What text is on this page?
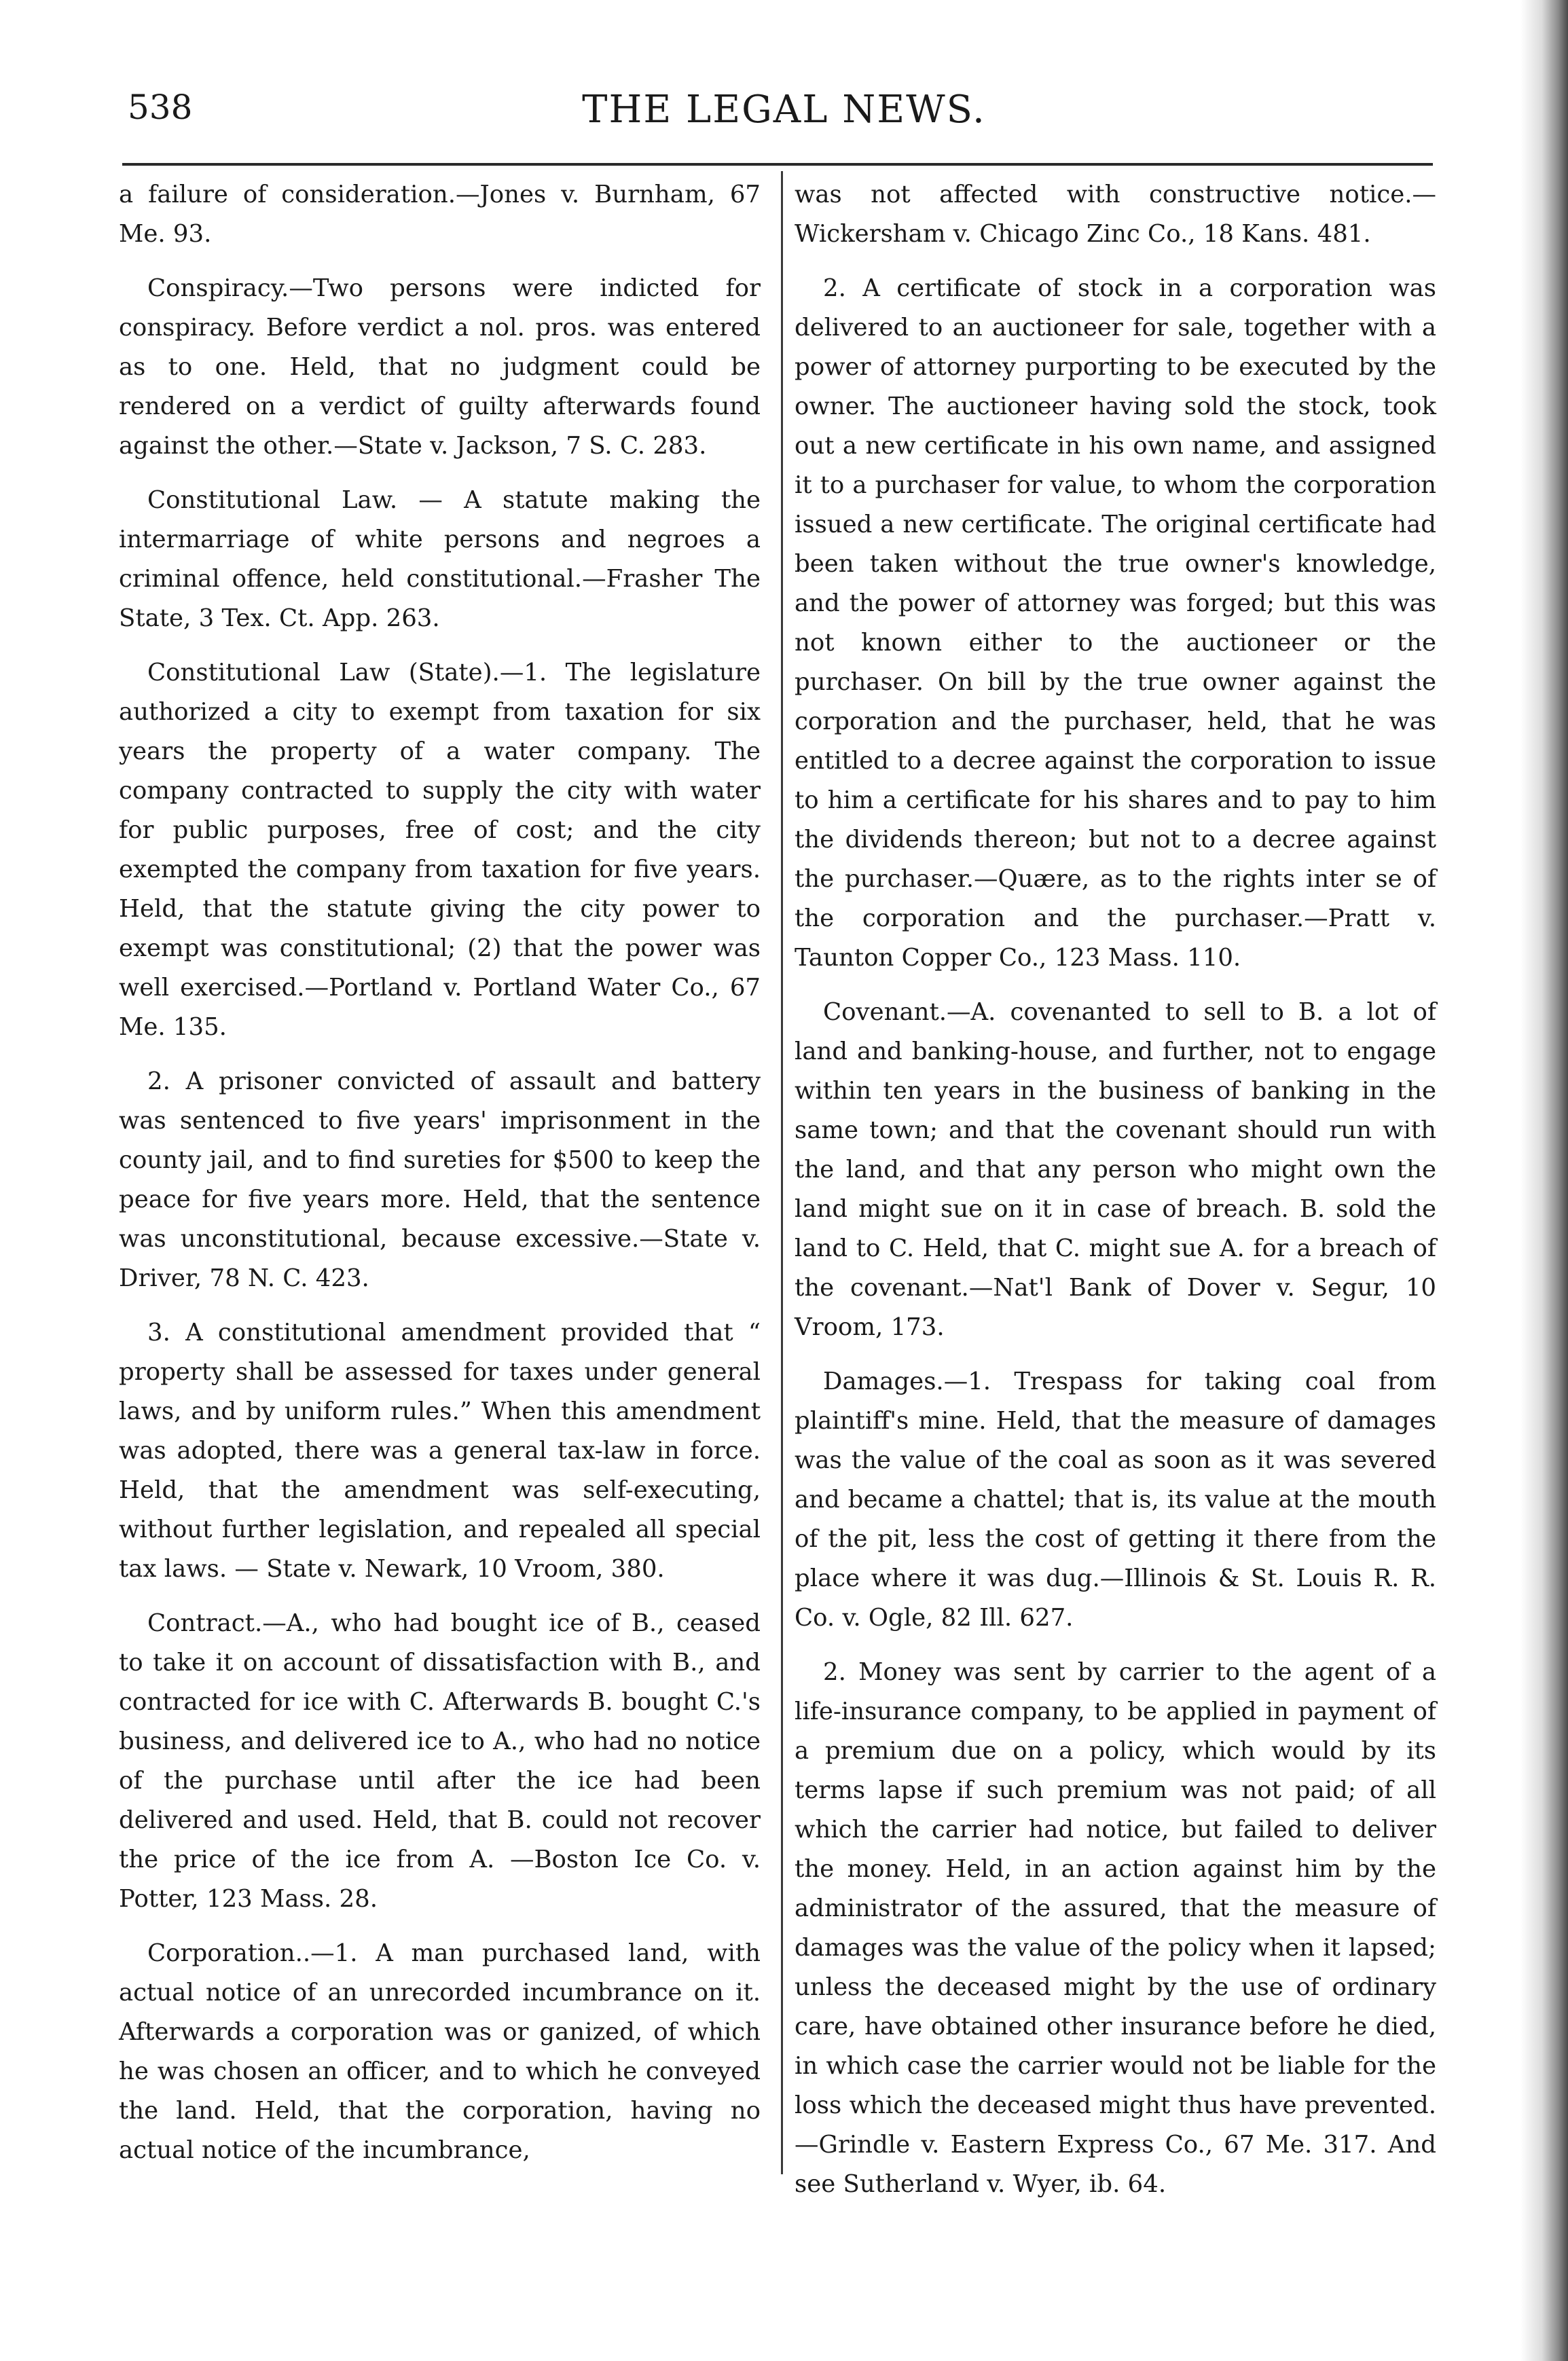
538	THE LEGAL NEWS.

a failure of consideration.—Jones v. Burnham, 67 Me. 93.

Conspiracy.—Two persons were indicted for conspiracy. Before verdict a nol. pros. was entered as to one. Held, that no judgment could be rendered on a verdict of guilty afterwards found against the other.—State v. Jackson, 7 S. C. 283.

Constitutional Law. — A statute making the intermarriage of white persons and negroes a criminal offence, held constitutional.—Frasher The State, 3 Tex. Ct. App. 263.

Constitutional Law (State).—1. The legislature authorized a city to exempt from taxation for six years the property of a water company. The company contracted to supply the city with water for public purposes, free of cost; and the city exempted the company from taxation for five years. Held, that the statute giving the city power to exempt was constitutional; (2) that the power was well exercised.—Portland v. Portland Water Co., 67 Me. 135.

2. A prisoner convicted of assault and battery was sentenced to five years' imprisonment in the county jail, and to find sureties for $500 to keep the peace for five years more. Held, that the sentence was unconstitutional, because excessive.—State v. Driver, 78 N. C. 423.

3. A constitutional amendment provided that “ property shall be assessed for taxes under general laws, and by uniform rules.” When this amendment was adopted, there was a general tax-law in force. Held, that the amendment was self-executing, without further legislation, and repealed all special tax laws. — State v. Newark, 10 Vroom, 380.

Contract.—A., who had bought ice of B., ceased to take it on account of dissatisfaction with B., and contracted for ice with C. Afterwards B. bought C.'s business, and delivered ice to A., who had no notice of the purchase until after the ice had been delivered and used. Held, that B. could not recover the price of the ice from A. —Boston Ice Co. v. Potter, 123 Mass. 28.

Corporation..—1. A man purchased land, with actual notice of an unrecorded incumbrance on it. Afterwards a corporation was or ganized, of which he was chosen an officer, and to which he conveyed the land. Held, that the corporation, having no actual notice of the incumbrance,

was not affected with constructive notice.—Wickersham v. Chicago Zinc Co., 18 Kans. 481.

2. A certificate of stock in a corporation was delivered to an auctioneer for sale, together with a power of attorney purporting to be executed by the owner. The auctioneer having sold the stock, took out a new certificate in his own name, and assigned it to a purchaser for value, to whom the corporation issued a new certificate. The original certificate had been taken without the true owner's knowledge, and the power of attorney was forged; but this was not known either to the auctioneer or the purchaser. On bill by the true owner against the corporation and the purchaser, held, that he was entitled to a decree against the corporation to issue to him a certificate for his shares and to pay to him the dividends thereon; but not to a decree against the purchaser.—Quære, as to the rights inter se of the corporation and the purchaser.—Pratt v. Taunton Copper Co., 123 Mass. 110.

Covenant.—A. covenanted to sell to B. a lot of land and banking-house, and further, not to engage within ten years in the business of banking in the same town; and that the covenant should run with the land, and that any person who might own the land might sue on it in case of breach. B. sold the land to C. Held, that C. might sue A. for a breach of the covenant.—Nat'l Bank of Dover v. Segur, 10 Vroom, 173.

Damages.—1. Trespass for taking coal from plaintiff's mine. Held, that the measure of damages was the value of the coal as soon as it was severed and became a chattel; that is, its value at the mouth of the pit, less the cost of getting it there from the place where it was dug.—Illinois & St. Louis R. R. Co. v. Ogle, 82 Ill. 627.

2. Money was sent by carrier to the agent of a life-insurance company, to be applied in payment of a premium due on a policy, which would by its terms lapse if such premium was not paid; of all which the carrier had notice, but failed to deliver the money. Held, in an action against him by the administrator of the assured, that the measure of damages was the value of the policy when it lapsed; unless the deceased might by the use of ordinary care, have obtained other insurance before he died, in which case the carrier would not be liable for the loss which the deceased might thus have prevented.—Grindle v. Eastern Express Co., 67 Me. 317. And see Sutherland v. Wyer, ib. 64.
